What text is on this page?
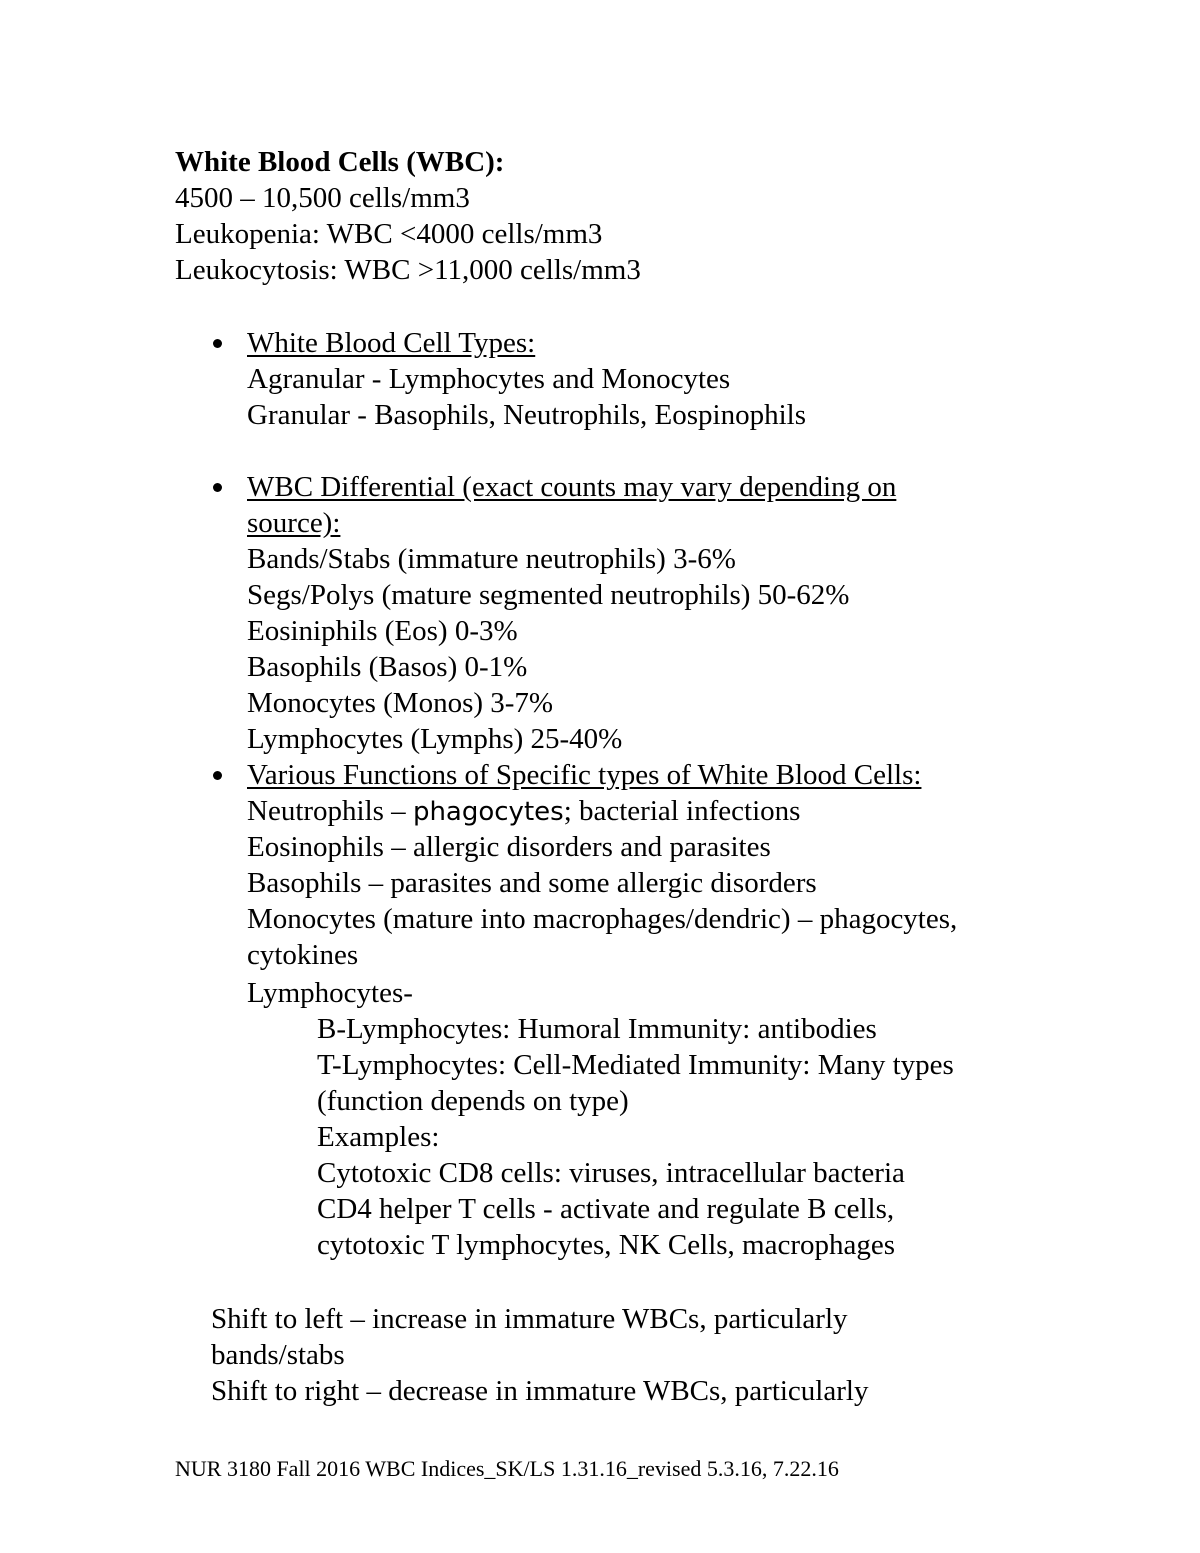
White Blood Cells (WBC):
4500 – 10,500 cells/mm3
Leukopenia: WBC <4000 cells/mm3
Leukocytosis: WBC >11,000 cells/mm3
White Blood Cell Types:
Agranular - Lymphocytes and Monocytes
Granular - Basophils, Neutrophils, Eospinophils
WBC Differential (exact counts may vary depending on
source):
Bands/Stabs (immature neutrophils) 3-6%
Segs/Polys (mature segmented neutrophils) 50-62%
Eosiniphils (Eos) 0-3%
Basophils (Basos) 0-1%
Monocytes (Monos) 3-7%
Lymphocytes (Lymphs) 25-40%
Various Functions of Specific types of White Blood Cells:
Neutrophils – phagocytes; bacterial infections
Eosinophils – allergic disorders and parasites
Basophils – parasites and some allergic disorders
Monocytes (mature into macrophages/dendric) – phagocytes,
cytokines
Lymphocytes-
B-Lymphocytes: Humoral Immunity: antibodies
T-Lymphocytes: Cell-Mediated Immunity: Many types
(function depends on type)
Examples:
Cytotoxic CD8 cells: viruses, intracellular bacteria
CD4 helper T cells - activate and regulate B cells,
cytotoxic T lymphocytes, NK Cells, macrophages
Shift to left – increase in immature WBCs, particularly
bands/stabs
Shift to right – decrease in immature WBCs, particularly
NUR 3180 Fall 2016 WBC Indices_SK/LS 1.31.16_revised 5.3.16, 7.22.16
